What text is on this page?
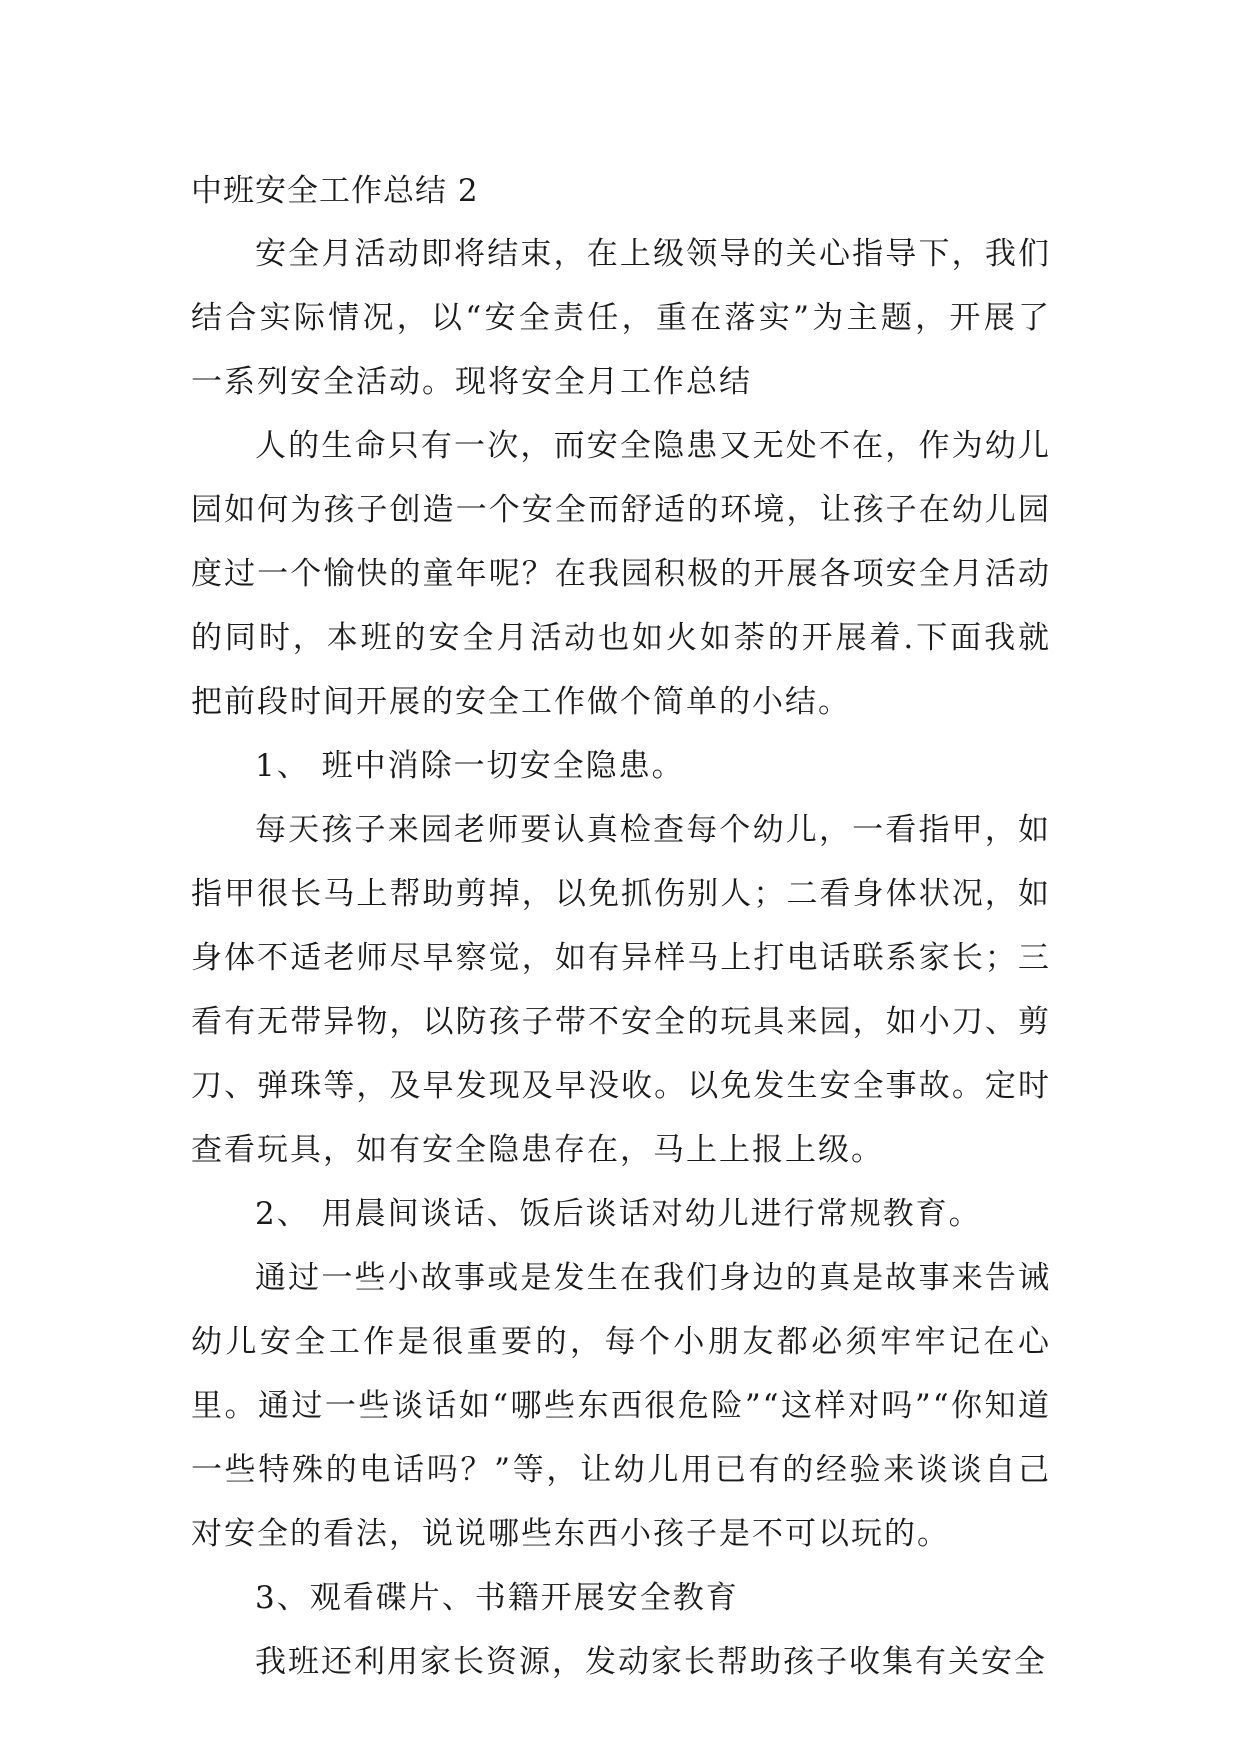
中班安全工作总结 2

安全月活动即将结束，在上级领导的关心指导下，我们结合实际情况，以“安全责任，重在落实”为主题，开展了一系列安全活动。现将安全月工作总结

人的生命只有一次，而安全隐患又无处不在，作为幼儿园如何为孩子创造一个安全而舒适的环境，让孩子在幼儿园度过一个愉快的童年呢？在我园积极的开展各项安全月活动的同时，本班的安全月活动也如火如荼的开展着.下面我就把前段时间开展的安全工作做个简单的小结。

1、 班中消除一切安全隐患。

每天孩子来园老师要认真检查每个幼儿，一看指甲，如指甲很长马上帮助剪掉，以免抓伤别人；二看身体状况，如身体不适老师尽早察觉，如有异样马上打电话联系家长；三看有无带异物，以防孩子带不安全的玩具来园，如小刀、剪刀、弹珠等，及早发现及早没收。以免发生安全事故。定时查看玩具，如有安全隐患存在，马上上报上级。

2、 用晨间谈话、饭后谈话对幼儿进行常规教育。

通过一些小故事或是发生在我们身边的真是故事来告诫幼儿安全工作是很重要的，每个小朋友都必须牢牢记在心里。通过一些谈话如“哪些东西很危险”“这样对吗”“你知道一些特殊的电话吗？”等，让幼儿用已有的经验来谈谈自己对安全的看法，说说哪些东西小孩子是不可以玩的。

3、观看碟片、书籍开展安全教育

我班还利用家长资源，发动家长帮助孩子收集有关安全
